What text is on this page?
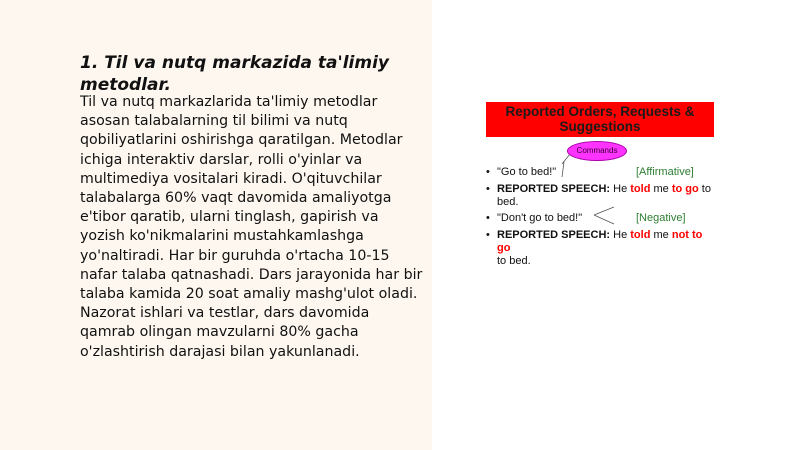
1. Til va nutq markazida ta'limiy metodlar.

Til va nutq markazlarida ta'limiy metodlar asosan talabalarning til bilimi va nutq qobiliyatlarini oshirishga qaratilgan. Metodlar ichiga interaktiv darslar, rolli o'yinlar va multimediya vositalari kiradi. O'qituvchilar talabalarga 60% vaqt davomida amaliyotga e'tibor qaratib, ularni tinglash, gapirish va yozish ko'nikmalarini mustahkamlashga yo'naltiradi. Har bir guruhda o'rtacha 10-15 nafar talaba qatnashadi. Dars jarayonida har bir talaba kamida 20 soat amaliy mashg'ulot oladi. Nazorat ishlari va testlar, dars davomida qamrab olingan mavzularni 80% gacha o'zlashtirish darajasi bilan yakunlanadi.

Reported Orders, Requests & Suggestions
Commands
• "Go to bed!"	[Affirmative]
• REPORTED SPEECH: He told me to go to
bed.
• "Don't go to bed!"	[Negative]
• REPORTED SPEECH: He told me not to go
to bed.
